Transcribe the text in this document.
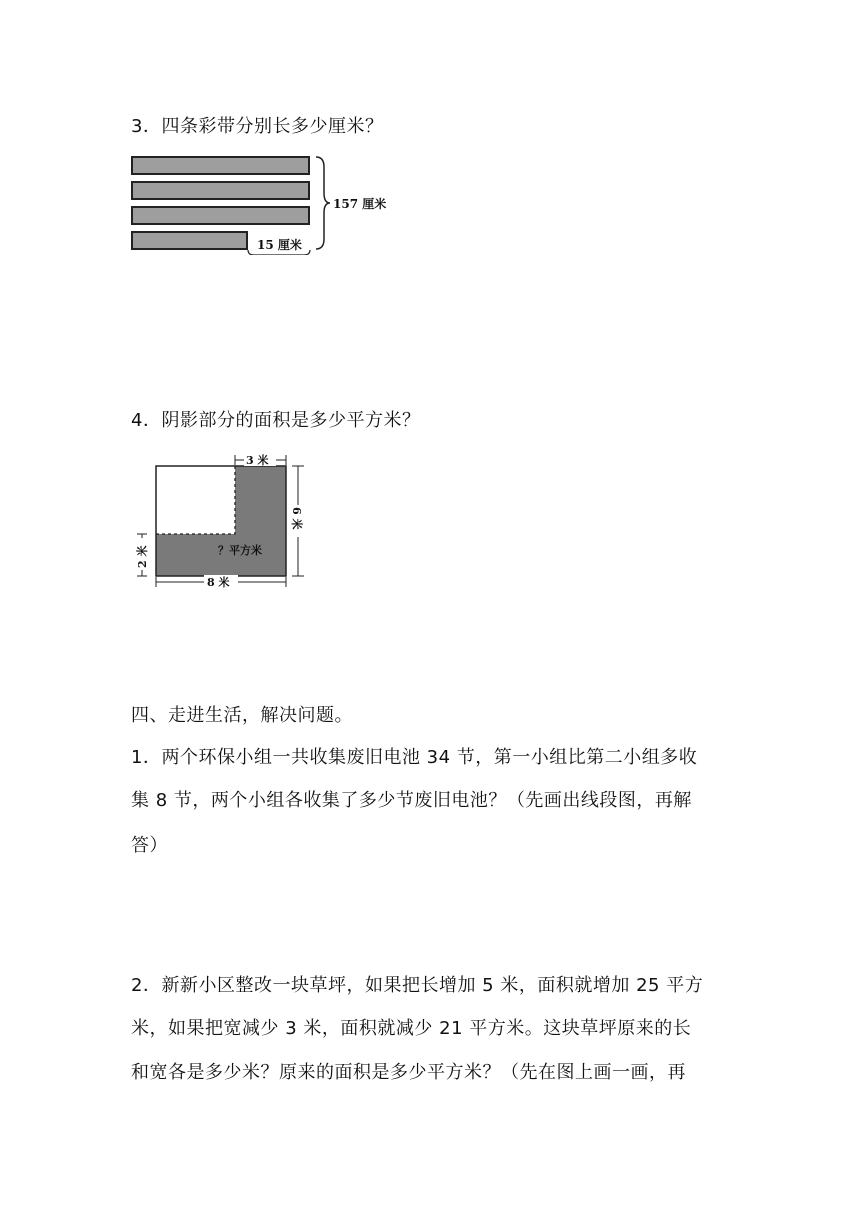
3．四条彩带分别长多少厘米？
157 厘米
15 厘米
4．阴影部分的面积是多少平方米？
3 米
6 米
2 米
8 米
？平方米
四、走进生活，解决问题。
1．两个环保小组一共收集废旧电池 34 节，第一小组比第二小组多收
集 8 节，两个小组各收集了多少节废旧电池？（先画出线段图，再解
答）
2．新新小区整改一块草坪，如果把长增加 5 米，面积就增加 25 平方
米，如果把宽减少 3 米，面积就减少 21 平方米。这块草坪原来的长
和宽各是多少米？原来的面积是多少平方米？（先在图上画一画，再
